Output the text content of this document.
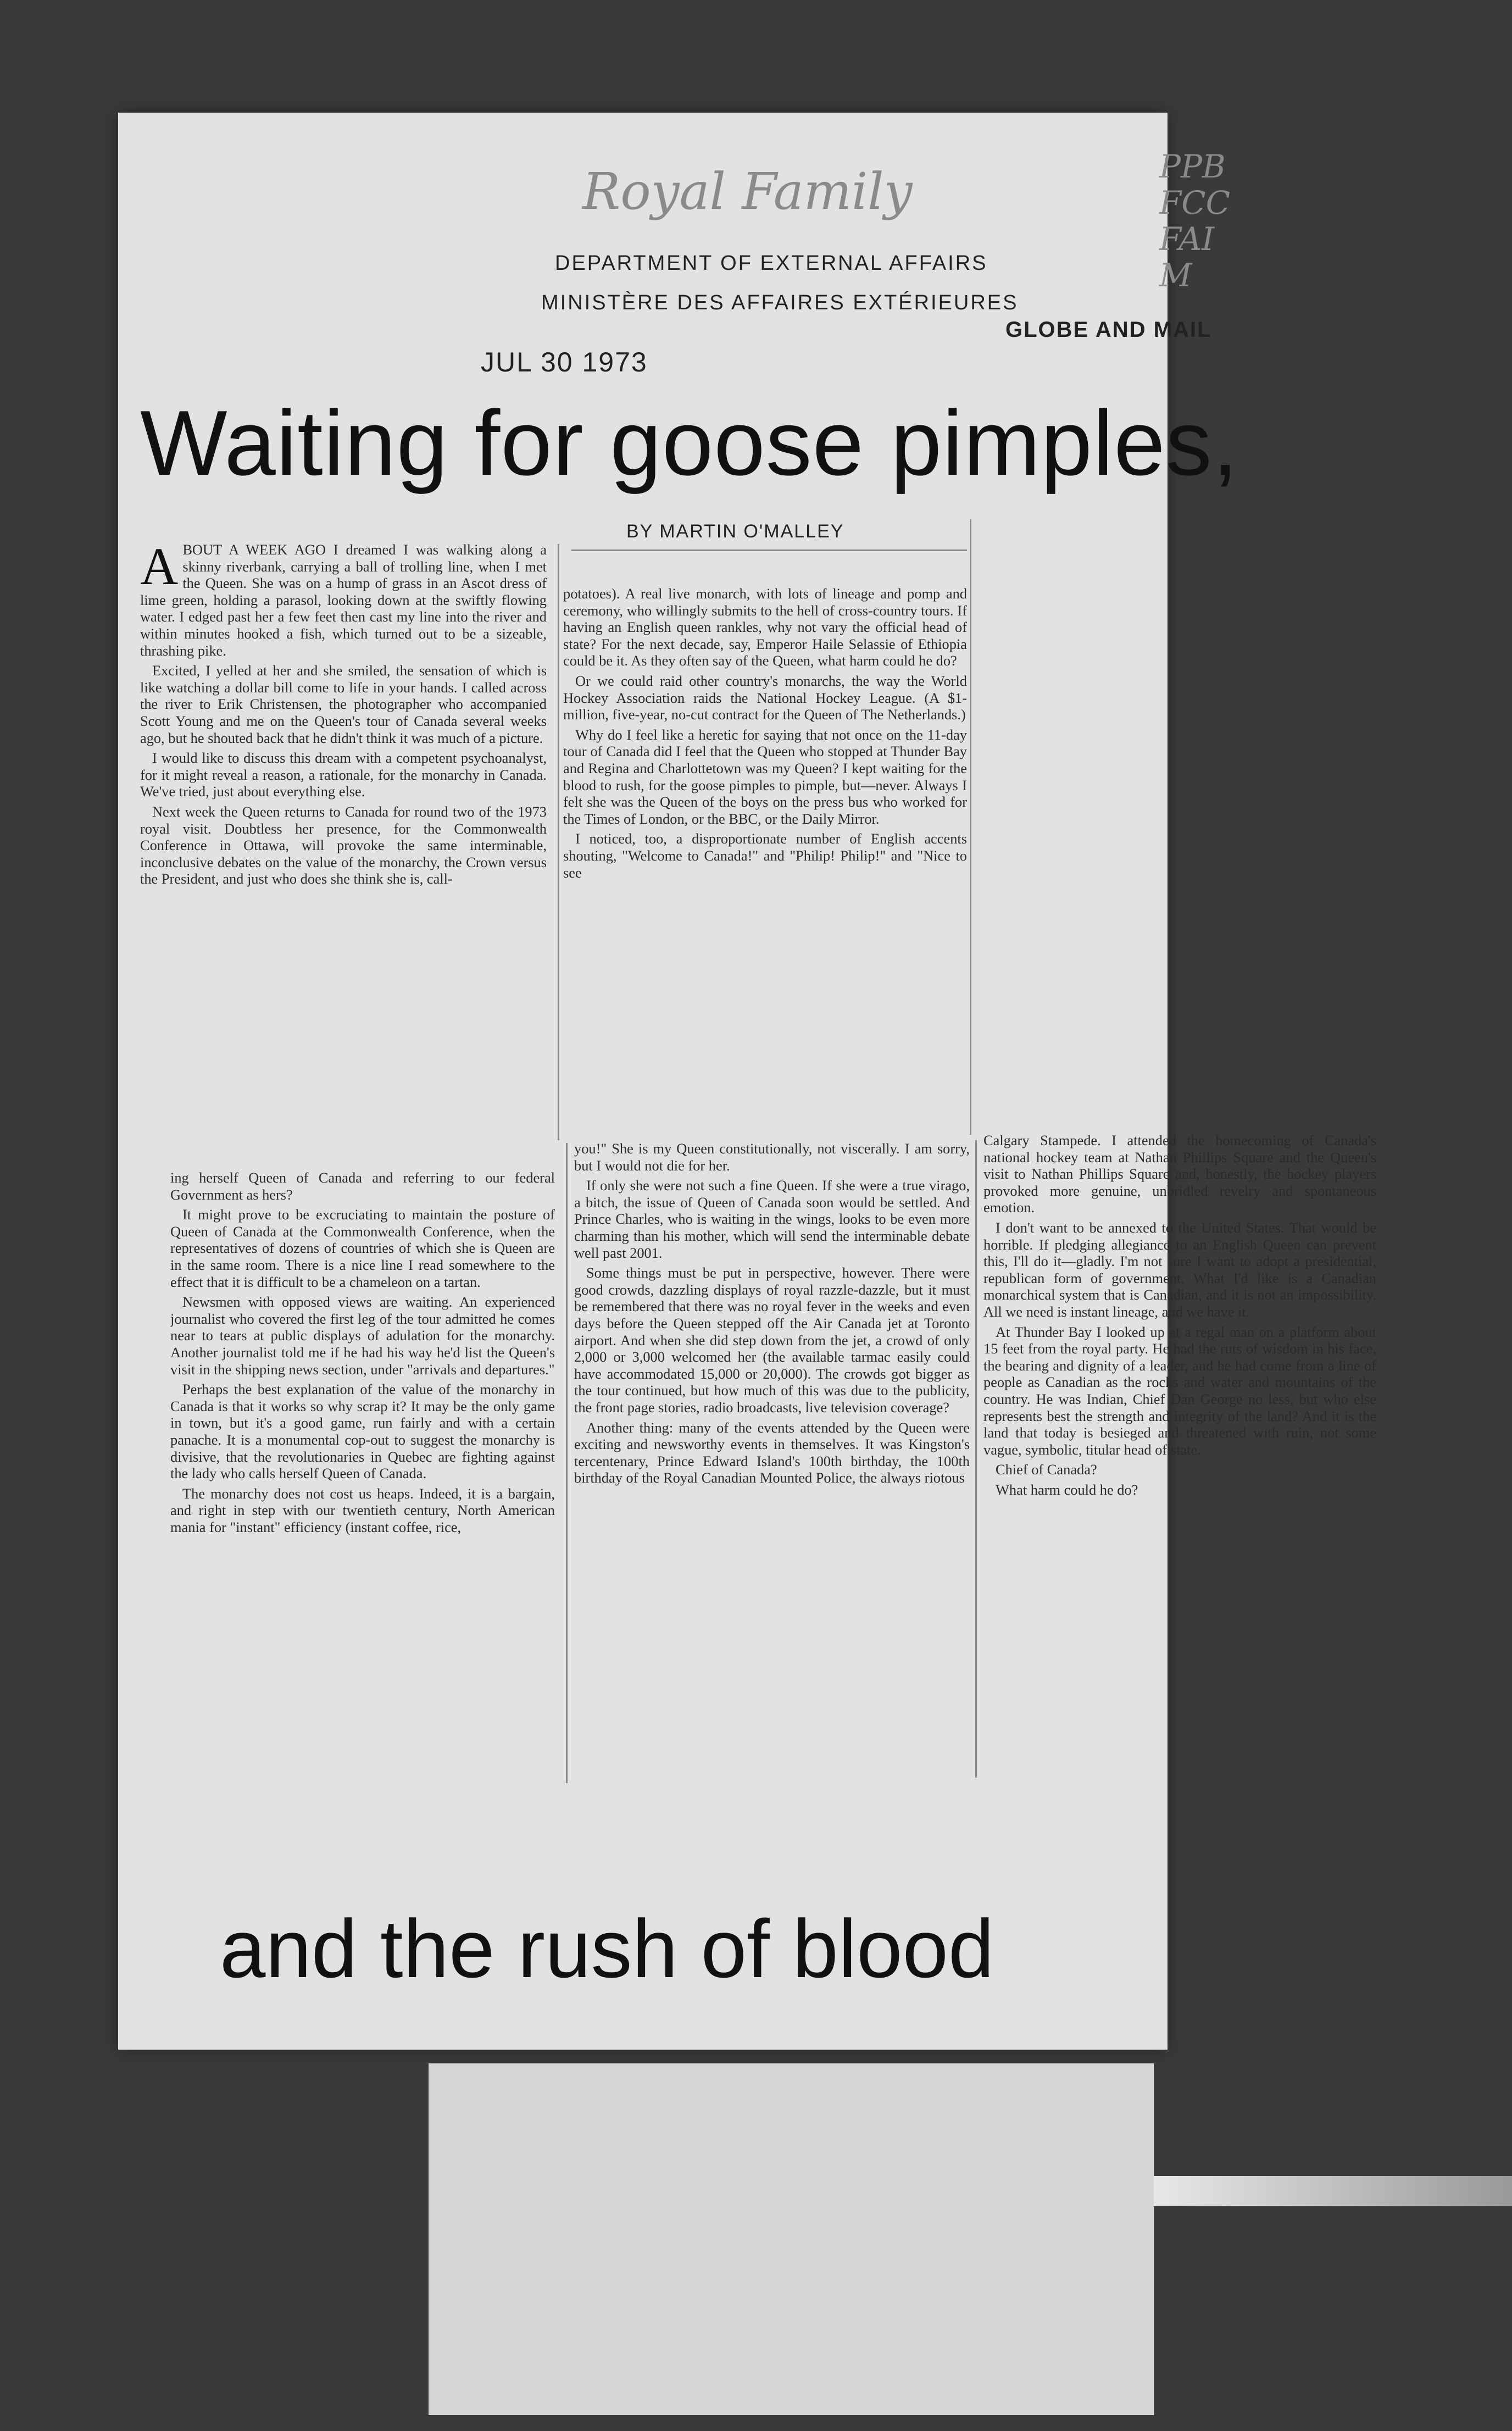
Royal Family	PPB
FCC
FAI
M
DEPARTMENT OF EXTERNAL AFFAIRS
MINISTÈRE DES AFFAIRES EXTÉRIEURES
GLOBE AND MAIL
JUL 30 1973
Waiting for goose pimples,
BY MARTIN O'MALLEY

ABOUT A WEEK AGO I dreamed I was walking along a skinny riverbank, carrying a ball of trolling line, when I met the Queen. She was on a hump of grass in an Ascot dress of lime green, holding a parasol, looking down at the swiftly flowing water. I edged past her a few feet then cast my line into the river and within minutes hooked a fish, which turned out to be a sizeable, thrashing pike.

Excited, I yelled at her and she smiled, the sensation of which is like watching a dollar bill come to life in your hands. I called across the river to Erik Christensen, the photographer who accompanied Scott Young and me on the Queen's tour of Canada several weeks ago, but he shouted back that he didn't think it was much of a picture.

I would like to discuss this dream with a competent psychoanalyst, for it might reveal a reason, a rationale, for the monarchy in Canada. We've tried, just about everything else.

Next week the Queen returns to Canada for round two of the 1973 royal visit. Doubtless her presence, for the Commonwealth Conference in Ottawa, will provoke the same interminable, inconclusive debates on the value of the monarchy, the Crown versus the President, and just who does she think she is, call-

potatoes). A real live monarch, with lots of lineage and pomp and ceremony, who willingly submits to the hell of cross-country tours. If having an English queen rankles, why not vary the official head of state? For the next decade, say, Emperor Haile Selassie of Ethiopia could be it. As they often say of the Queen, what harm could he do?

Or we could raid other country's monarchs, the way the World Hockey Association raids the National Hockey League. (A $1-million, five-year, no-cut contract for the Queen of The Netherlands.)

Why do I feel like a heretic for saying that not once on the 11-day tour of Canada did I feel that the Queen who stopped at Thunder Bay and Regina and Charlottetown was my Queen? I kept waiting for the blood to rush, for the goose pimples to pimple, but—never. Always I felt she was the Queen of the boys on the press bus who worked for the Times of London, or the BBC, or the Daily Mirror.

I noticed, too, a disproportionate number of English accents shouting, "Welcome to Canada!" and "Philip! Philip!" and "Nice to see

ing herself Queen of Canada and referring to our federal Government as hers?

It might prove to be excruciating to maintain the posture of Queen of Canada at the Commonwealth Conference, when the representatives of dozens of countries of which she is Queen are in the same room. There is a nice line I read somewhere to the effect that it is difficult to be a chameleon on a tartan.

Newsmen with opposed views are waiting. An experienced journalist who covered the first leg of the tour admitted he comes near to tears at public displays of adulation for the monarchy. Another journalist told me if he had his way he'd list the Queen's visit in the shipping news section, under "arrivals and departures."

Perhaps the best explanation of the value of the monarchy in Canada is that it works so why scrap it? It may be the only game in town, but it's a good game, run fairly and with a certain panache. It is a monumental cop-out to suggest the monarchy is divisive, that the revolutionaries in Quebec are fighting against the lady who calls herself Queen of Canada.

The monarchy does not cost us heaps. Indeed, it is a bargain, and right in step with our twentieth century, North American mania for "instant" efficiency (instant coffee, rice,

you!" She is my Queen constitutionally, not viscerally. I am sorry, but I would not die for her.

If only she were not such a fine Queen. If she were a true virago, a bitch, the issue of Queen of Canada soon would be settled. And Prince Charles, who is waiting in the wings, looks to be even more charming than his mother, which will send the interminable debate well past 2001.

Some things must be put in perspective, however. There were good crowds, dazzling displays of royal razzle-dazzle, but it must be remembered that there was no royal fever in the weeks and even days before the Queen stepped off the Air Canada jet at Toronto airport. And when she did step down from the jet, a crowd of only 2,000 or 3,000 welcomed her (the available tarmac easily could have accommodated 15,000 or 20,000). The crowds got bigger as the tour continued, but how much of this was due to the publicity, the front page stories, radio broadcasts, live television coverage?

Another thing: many of the events attended by the Queen were exciting and newsworthy events in themselves. It was Kingston's tercentenary, Prince Edward Island's 100th birthday, the 100th birthday of the Royal Canadian Mounted Police, the always riotous

Calgary Stampede. I attended the homecoming of Canada's national hockey team at Nathan Phillips Square and the Queen's visit to Nathan Phillips Square and, honestly, the hockey players provoked more genuine, unbridled revelry and spontaneous emotion.

I don't want to be annexed to the United States. That would be horrible. If pledging allegiance to an English Queen can prevent this, I'll do it—gladly. I'm not sure I want to adopt a presidential, republican form of government. What I'd like is a Canadian monarchical system that is Canadian, and it is not an impossibility. All we need is instant lineage, and we have it.

At Thunder Bay I looked up at a regal man on a platform about 15 feet from the royal party. He had the ruts of wisdom in his face, the bearing and dignity of a leader, and he had come from a line of people as Canadian as the rocks and water and mountains of the country. He was Indian, Chief Dan George no less, but who else represents best the strength and integrity of the land? And it is the land that today is besieged and threatened with ruin, not some vague, symbolic, titular head of state.

Chief of Canada?

What harm could he do?

and the rush of blood
